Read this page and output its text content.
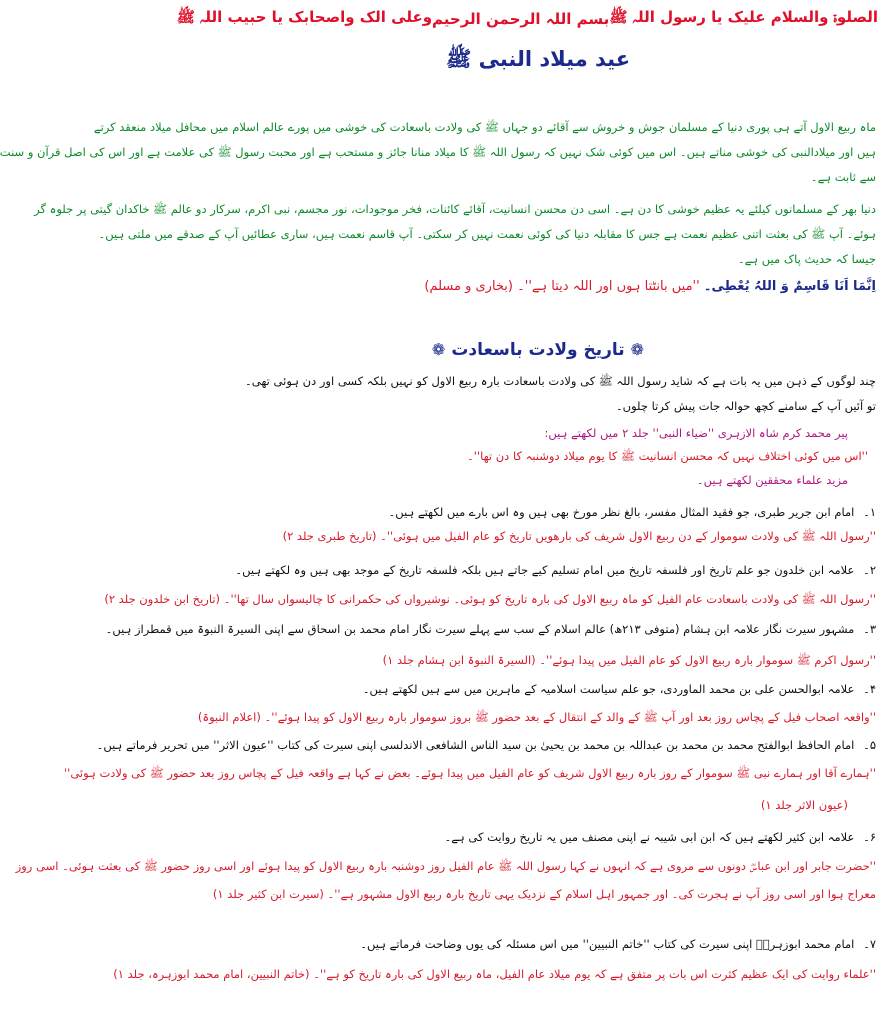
الصلوۃ والسلام علیک یا رسول اللہ ﷺ
بسم اللہ الرحمن الرحیم
وعلی الک واصحابک یا حبیب اللہ ﷺ
عید میلاد النبی ﷺ
ماہ ربیع الاول آتے ہی پوری دنیا کے مسلمان جوش و خروش سے آقائے دو جہاں ﷺ کی ولادت باسعادت کی خوشی میں پورے عالم اسلام میں محافل میلاد منعقد کرتے
ہیں اور میلادالنبی کی خوشی مناتے ہیں۔ اس میں کوئی شک نہیں کہ رسول اللہ ﷺ کا میلاد منانا جائز و مستحب ہے اور محبت رسول ﷺ کی علامت ہے اور اس کی اصل قرآن و سنت
سے ثابت ہے۔
دنیا بھر کے مسلمانوں کیلئے یہ عظیم خوشی کا دن ہے۔ اسی دن محسن انسانیت، آقائے کائنات، فخر موجودات، نور مجسم، نبی اکرم، سرکار دو عالم ﷺ خاکدان گیتی پر جلوہ گر
ہوئے۔ آپ ﷺ کی بعثت اتنی عظیم نعمت ہے جس کا مقابلہ دنیا کی کوئی نعمت نہیں کر سکتی۔ آپ قاسم نعمت ہیں، ساری عطائیں آپ کے صدقے میں ملتی ہیں۔
جیسا کہ حدیث پاک میں ہے۔
اِنَّمَا اَنَا قَاسِمٌ وَ اللہُ یُعْطِی۔ ''میں بانٹتا ہوں اور اللہ دیتا ہے''۔ (بخاری و مسلم)
❁تاریخ ولادت باسعادت❁
چند لوگوں کے ذہن میں یہ بات ہے کہ شاید رسول اللہ ﷺ کی ولادت باسعادت بارہ ربیع الاول کو نہیں بلکہ کسی اور دن ہوئی تھی۔
تو آئیں آپ کے سامنے کچھ حوالہ جات پیش کرتا چلوں۔
پیر محمد کرم شاہ الازہری ''ضیاء النبی'' جلد ۲ میں لکھتے ہیں:
''اس میں کوئی اختلاف نہیں کہ محسن انسانیت ﷺ کا یوم میلاد دوشنبہ کا دن تھا''۔
مزید علماء محققین لکھتے ہیں۔
۱۔ امام ابن جریر طبری، جو فقید المثال مفسر، بالغ نظر مورخ بھی ہیں وہ اس بارے میں لکھتے ہیں۔
''رسول اللہ ﷺ کی ولادت سوموار کے دن ربیع الاول شریف کی بارھویں تاریخ کو عام الفیل میں ہوئی''۔ (تاریخ طبری جلد ۲)
۲۔ علامہ ابن خلدون جو علم تاریخ اور فلسفہ تاریخ میں امام تسلیم کیے جاتے ہیں بلکہ فلسفہ تاریخ کے موجد بھی ہیں وہ لکھتے ہیں۔
''رسول اللہ ﷺ کی ولادت باسعادت عام الفیل کو ماہ ربیع الاول کی بارہ تاریخ کو ہوئی۔ نوشیرواں کی حکمرانی کا چالیسواں سال تھا''۔ (تاریخ ابن خلدون جلد ۲)
۳۔ مشہور سیرت نگار علامہ ابن ہشام (متوفی ۲۱۳ھ) عالم اسلام کے سب سے پہلے سیرت نگار امام محمد بن اسحاق سے اپنی السیرۃ النبوۃ میں قمطراز ہیں۔
''رسول اکرم ﷺ سوموار بارہ ربیع الاول کو عام الفیل میں پیدا ہوئے''۔ (السیرۃ النبوۃ ابن ہشام جلد ۱)
۴۔ علامہ ابوالحسن علی بن محمد الماوردی، جو علم سیاست اسلامیہ کے ماہرین میں سے ہیں لکھتے ہیں۔
''واقعہ اصحاب فیل کے پچاس روز بعد اور آپ ﷺ کے والد کے انتقال کے بعد حضور ﷺ بروز سوموار بارہ ربیع الاول کو پیدا ہوئے''۔ (اعلام النبوۃ)
۵۔ امام الحافظ ابوالفتح محمد بن محمد بن عبداللہ بن محمد بن یحییٰ بن سید الناس الشافعی الاندلسی اپنی سیرت کی کتاب ''عیون الاثر'' میں تحریر فرماتے ہیں۔
''ہمارے آقا اور ہمارے نبی ﷺ سوموار کے روز بارہ ربیع الاول شریف کو عام الفیل میں پیدا ہوئے۔ بعض نے کہا ہے واقعہ فیل کے پچاس روز بعد حضور ﷺ کی ولادت ہوئی''
(عیون الاثر جلد ۱)
۶۔ علامہ ابن کثیر لکھتے ہیں کہ ابن ابی شیبہ نے اپنی مصنف میں یہ تاریخ روایت کی ہے۔
''حضرت جابر اور ابن عباسؓ دونوں سے مروی ہے کہ انہوں نے کہا رسول اللہ ﷺ عام الفیل روز دوشنبہ بارہ ربیع الاول کو پیدا ہوئے اور اسی روز حضور ﷺ کی بعثت ہوئی۔ اسی روز
معراج ہوا اور اسی روز آپ نے ہجرت کی۔ اور جمہور اہل اسلام کے نزدیک یہی تاریخ بارہ ربیع الاول مشہور ہے''۔ (سیرت ابن کثیر جلد ۱)
۷۔ امام محمد ابوزہرہؒ اپنی سیرت کی کتاب ''خاتم النبیین'' میں اس مسئلہ کی یوں وضاحت فرماتے ہیں۔
''علماء روایت کی ایک عظیم کثرت اس بات پر متفق ہے کہ یوم میلاد عام الفیل، ماہ ربیع الاول کی بارہ تاریخ کو ہے''۔ (خاتم النبیین، امام محمد ابوزہرہ، جلد ۱)
